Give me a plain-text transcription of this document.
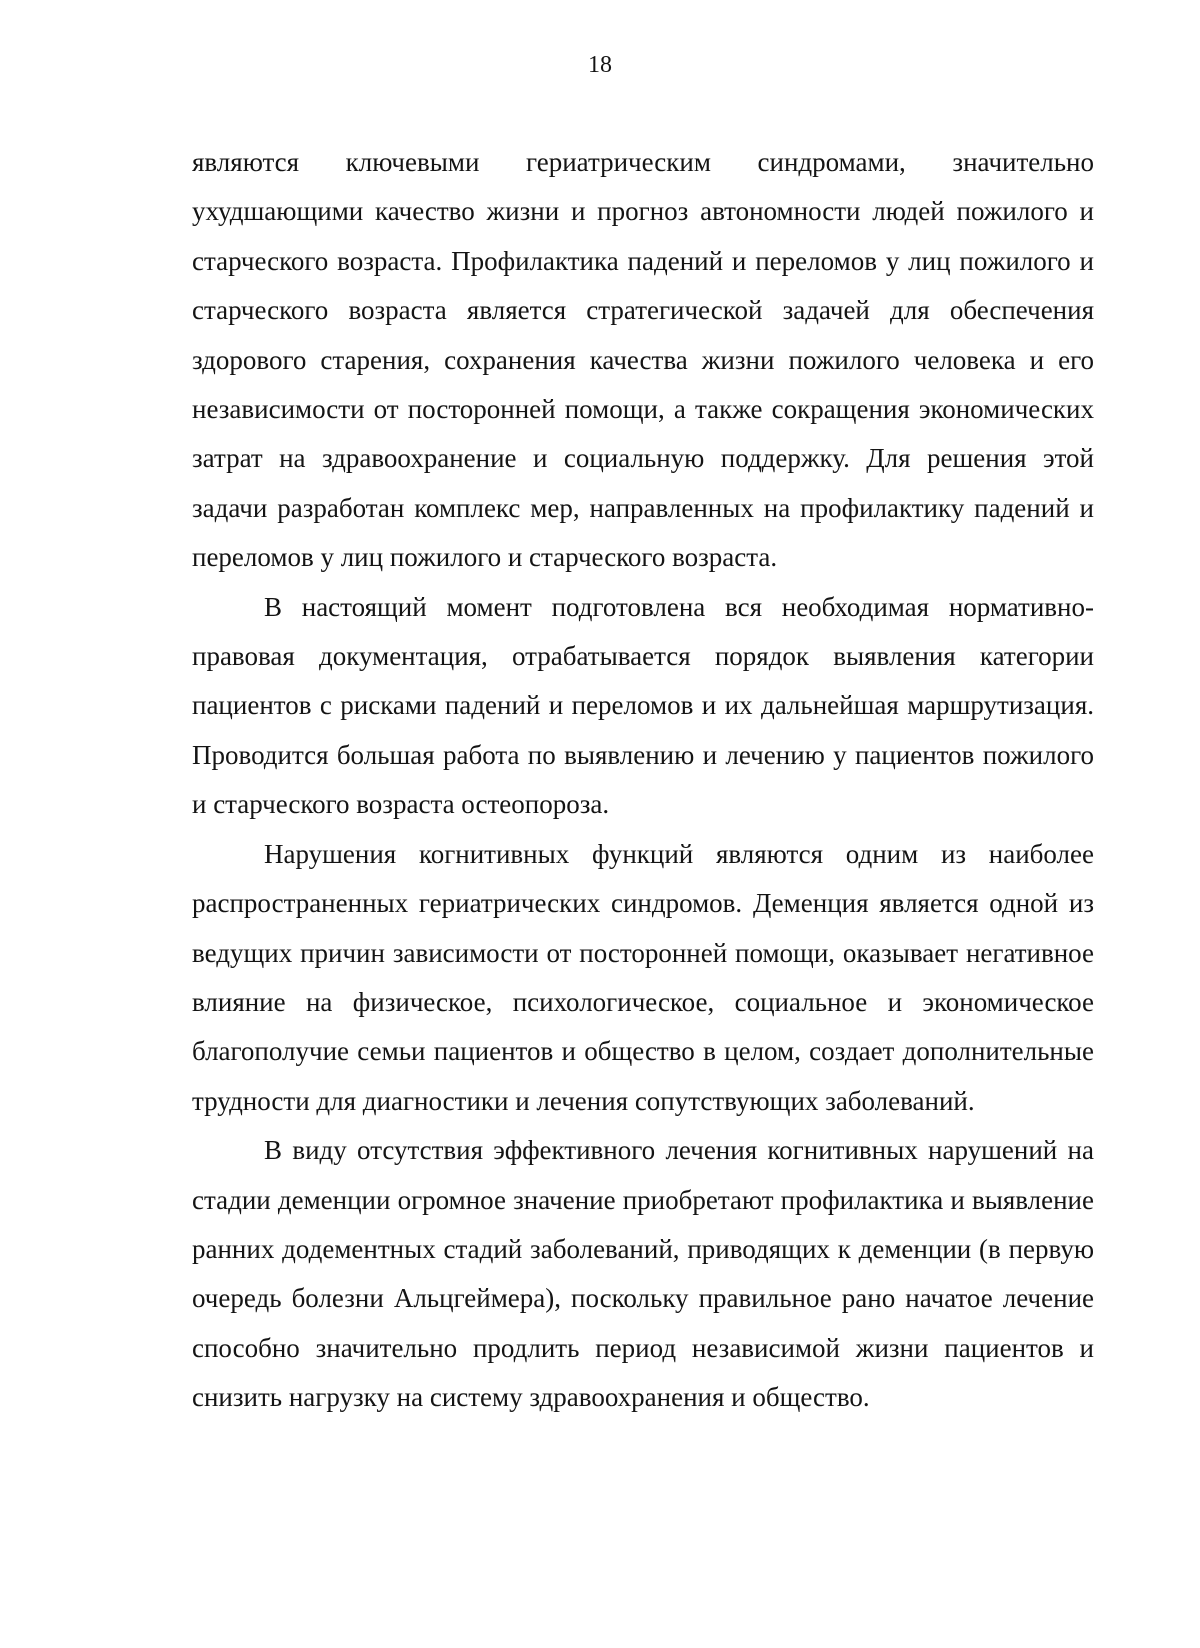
18

являются ключевыми гериатрическим синдромами, значительно ухудшающими качество жизни и прогноз автономности людей пожилого и старческого возраста. Профилактика падений и переломов у лиц пожилого и старческого возраста является стратегической задачей для обеспечения здорового старения, сохранения качества жизни пожилого человека и его независимости от посторонней помощи, а также сокращения экономических затрат на здравоохранение и социальную поддержку. Для решения этой задачи разработан комплекс мер, направленных на профилактику падений и переломов у лиц пожилого и старческого возраста.

В настоящий момент подготовлена вся необходимая нормативно-правовая документация, отрабатывается порядок выявления категории пациентов с рисками падений и переломов и их дальнейшая маршрутизация. Проводится большая работа по выявлению и лечению у пациентов пожилого и старческого возраста остеопороза.

Нарушения когнитивных функций являются одним из наиболее распространенных гериатрических синдромов. Деменция является одной из ведущих причин зависимости от посторонней помощи, оказывает негативное влияние на физическое, психологическое, социальное и экономическое благополучие семьи пациентов и общество в целом, создает дополнительные трудности для диагностики и лечения сопутствующих заболеваний.

В виду отсутствия эффективного лечения когнитивных нарушений на стадии деменции огромное значение приобретают профилактика и выявление ранних додементных стадий заболеваний, приводящих к деменции (в первую очередь болезни Альцгеймера), поскольку правильное рано начатое лечение способно значительно продлить период независимой жизни пациентов и снизить нагрузку на систему здравоохранения и общество.
